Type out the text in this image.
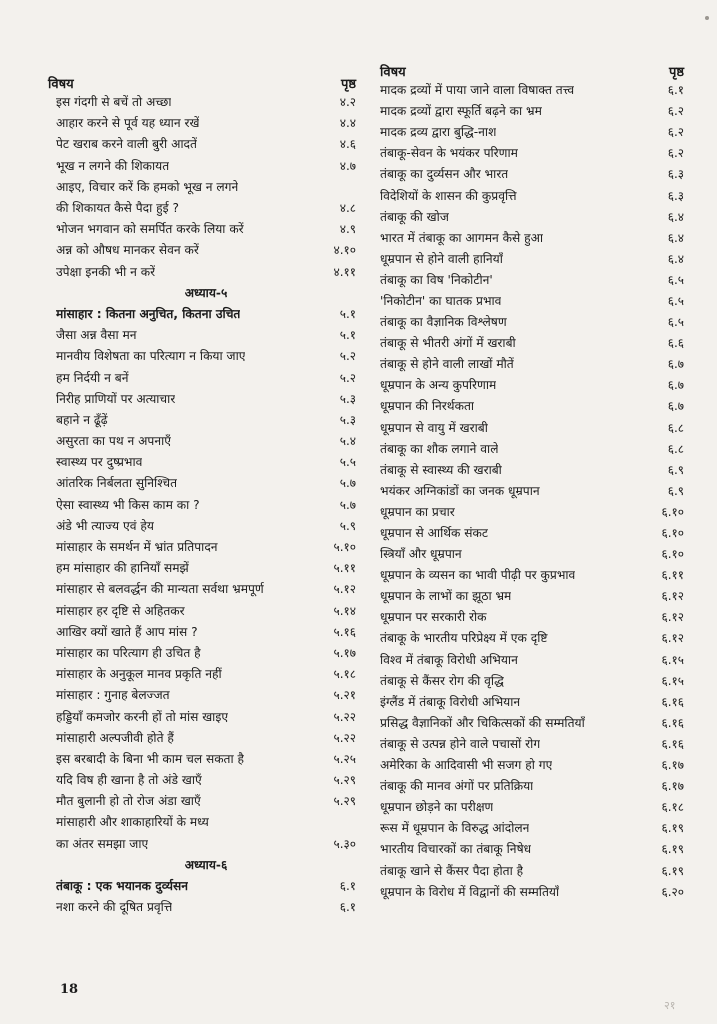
विषय	पृष्ठ
इस गंदगी से बचें तो अच्छा	४.२
आहार करने से पूर्व यह ध्यान रखें	४.४
पेट खराब करने वाली बुरी आदतें	४.६
भूख न लगने की शिकायत	४.७
आइए, विचार करें कि हमको भूख न लगने
की शिकायत कैसे पैदा हुई ?	४.८
भोजन भगवान को समर्पित करके लिया करें	४.९
अन्न को औषध मानकर सेवन करें	४.१०
उपेक्षा इनकी भी न करें	४.११
अध्याय-५
मांसाहार : कितना अनुचित, कितना उचित	५.१
जैसा अन्न वैसा मन	५.१
मानवीय विशेषता का परित्याग न किया जाए	५.२
हम निर्दयी न बनें	५.२
निरीह प्राणियों पर अत्याचार	५.३
बहाने न ढूँढ़ें	५.३
असुरता का पथ न अपनाएँ	५.४
स्वास्थ्य पर दुष्प्रभाव	५.५
आंतरिक निर्बलता सुनिश्चित	५.७
ऐसा स्वास्थ्य भी किस काम का ?	५.७
अंडे भी त्याज्य एवं हेय	५.९
मांसाहार के समर्थन में भ्रांत प्रतिपादन	५.१०
हम मांसाहार की हानियाँ समझें	५.११
मांसाहार से बलवर्द्धन की मान्यता सर्वथा भ्रमपूर्ण	५.१२
मांसाहार हर दृष्टि से अहितकर	५.१४
आखिर क्यों खाते हैं आप मांस ?	५.१६
मांसाहार का परित्याग ही उचित है	५.१७
मांसाहार के अनुकूल मानव प्रकृति नहीं	५.१८
मांसाहार : गुनाह बेलज्जत	५.२१
हड्डियाँ कमजोर करनी हों तो मांस खाइए	५.२२
मांसाहारी अल्पजीवी होते हैं	५.२२
इस बरबादी के बिना भी काम चल सकता है	५.२५
यदि विष ही खाना है तो अंडे खाएँ	५.२९
मौत बुलानी हो तो रोज अंडा खाएँ	५.२९
मांसाहारी और शाकाहारियों के मध्य
का अंतर समझा जाए	५.३०
अध्याय-६
तंबाकू : एक भयानक दुर्व्यसन	६.१
नशा करने की दूषित प्रवृत्ति	६.१
विषय	पृष्ठ
मादक द्रव्यों में पाया जाने वाला विषाक्त तत्त्व	६.१
मादक द्रव्यों द्वारा स्फूर्ति बढ़ने का भ्रम	६.२
मादक द्रव्य द्वारा बुद्धि-नाश	६.२
तंबाकू-सेवन के भयंकर परिणाम	६.२
तंबाकू का दुर्व्यसन और भारत	६.३
विदेशियों के शासन की कुप्रवृत्ति	६.३
तंबाकू की खोज	६.४
भारत में तंबाकू का आगमन कैसे हुआ	६.४
धूम्रपान से होने वाली हानियाँ	६.४
तंबाकू का विष 'निकोटीन'	६.५
'निकोटीन' का घातक प्रभाव	६.५
तंबाकू का वैज्ञानिक विश्लेषण	६.५
तंबाकू से भीतरी अंगों में खराबी	६.६
तंबाकू से होने वाली लाखों मौतें	६.७
धूम्रपान के अन्य कुपरिणाम	६.७
धूम्रपान की निरर्थकता	६.७
धूम्रपान से वायु में खराबी	६.८
तंबाकू का शौक लगाने वाले	६.८
तंबाकू से स्वास्थ्य की खराबी	६.९
भयंकर अग्निकांडों का जनक धूम्रपान	६.९
धूम्रपान का प्रचार	६.१०
धूम्रपान से आर्थिक संकट	६.१०
स्त्रियाँ और धूम्रपान	६.१०
धूम्रपान के व्यसन का भावी पीढ़ी पर कुप्रभाव	६.११
धूम्रपान के लाभों का झूठा भ्रम	६.१२
धूम्रपान पर सरकारी रोक	६.१२
तंबाकू के भारतीय परिप्रेक्ष्य में एक दृष्टि	६.१२
विश्व में तंबाकू विरोधी अभियान	६.१५
तंबाकू से कैंसर रोग की वृद्धि	६.१५
इंग्लैंड में तंबाकू विरोधी अभियान	६.१६
प्रसिद्ध वैज्ञानिकों और चिकित्सकों की सम्मतियाँ	६.१६
तंबाकू से उत्पन्न होने वाले पचासों रोग	६.१६
अमेरिका के आदिवासी भी सजग हो गए	६.१७
तंबाकू की मानव अंगों पर प्रतिक्रिया	६.१७
धूम्रपान छोड़ने का परीक्षण	६.१८
रूस में धूम्रपान के विरुद्ध आंदोलन	६.१९
भारतीय विचारकों का तंबाकू निषेध	६.१९
तंबाकू खाने से कैंसर पैदा होता है	६.१९
धूम्रपान के विरोध में विद्वानों की सम्मतियाँ	६.२०
18
२१
